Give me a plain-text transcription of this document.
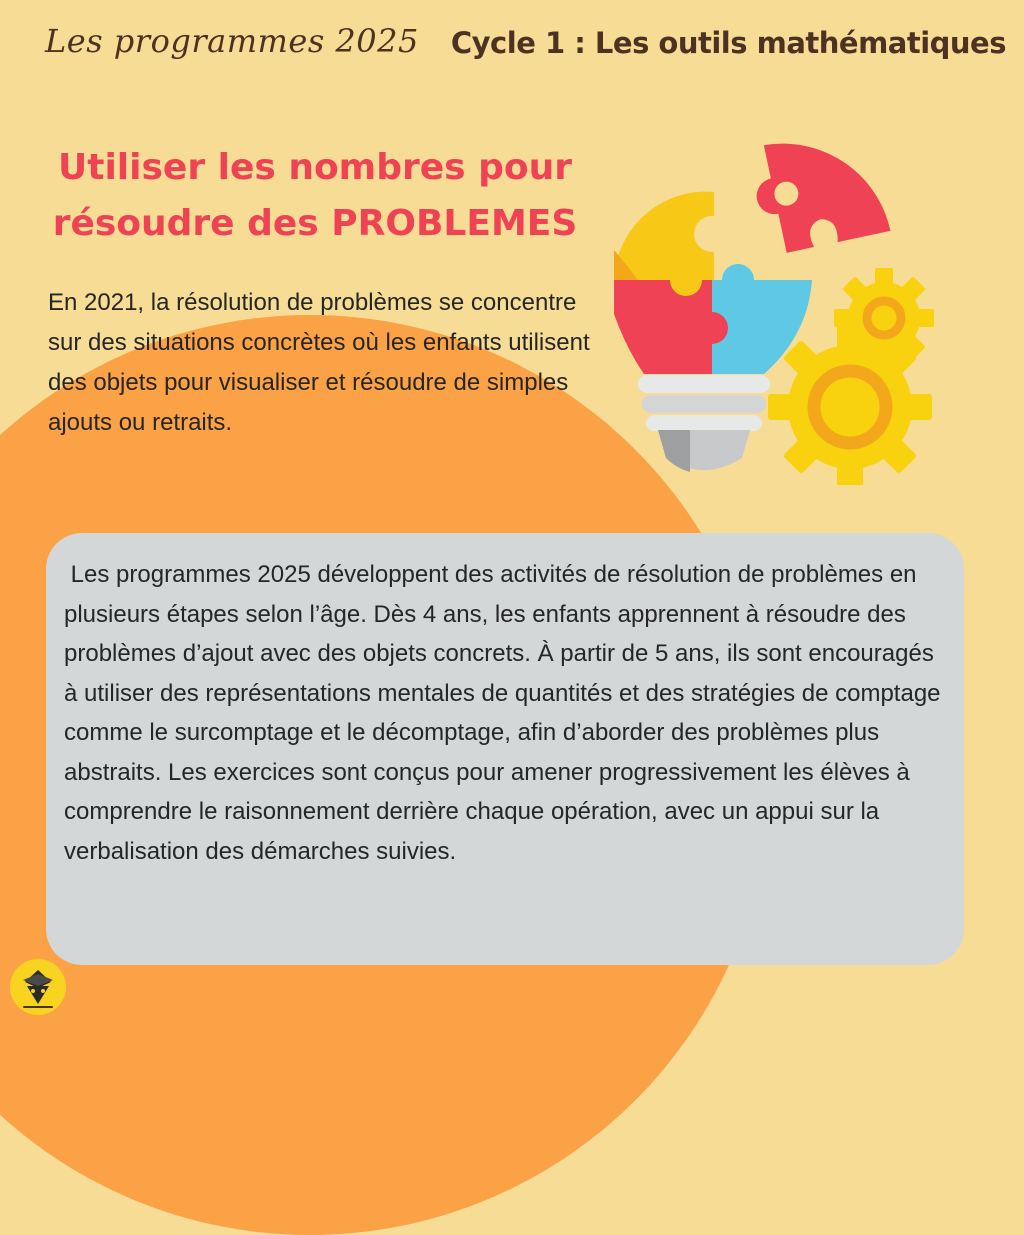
Les programmes 2025 Cycle 1 : Les outils mathématiques
Utiliser les nombres pour
résoudre des PROBLEMES
En 2021, la résolution de problèmes se concentre sur des situations concrètes où les enfants utilisent des objets pour visualiser et résoudre de simples ajouts ou retraits.
Les programmes 2025 développent des activités de résolution de problèmes en plusieurs étapes selon l’âge. Dès 4 ans, les enfants apprennent à résoudre des problèmes d’ajout avec des objets concrets. À partir de 5 ans, ils sont encouragés à utiliser des représentations mentales de quantités et des stratégies de comptage comme le surcomptage et le décomptage, afin d’aborder des problèmes plus abstraits. Les exercices sont conçus pour amener progressivement les élèves à comprendre le raisonnement derrière chaque opération, avec un appui sur la verbalisation des démarches suivies.
